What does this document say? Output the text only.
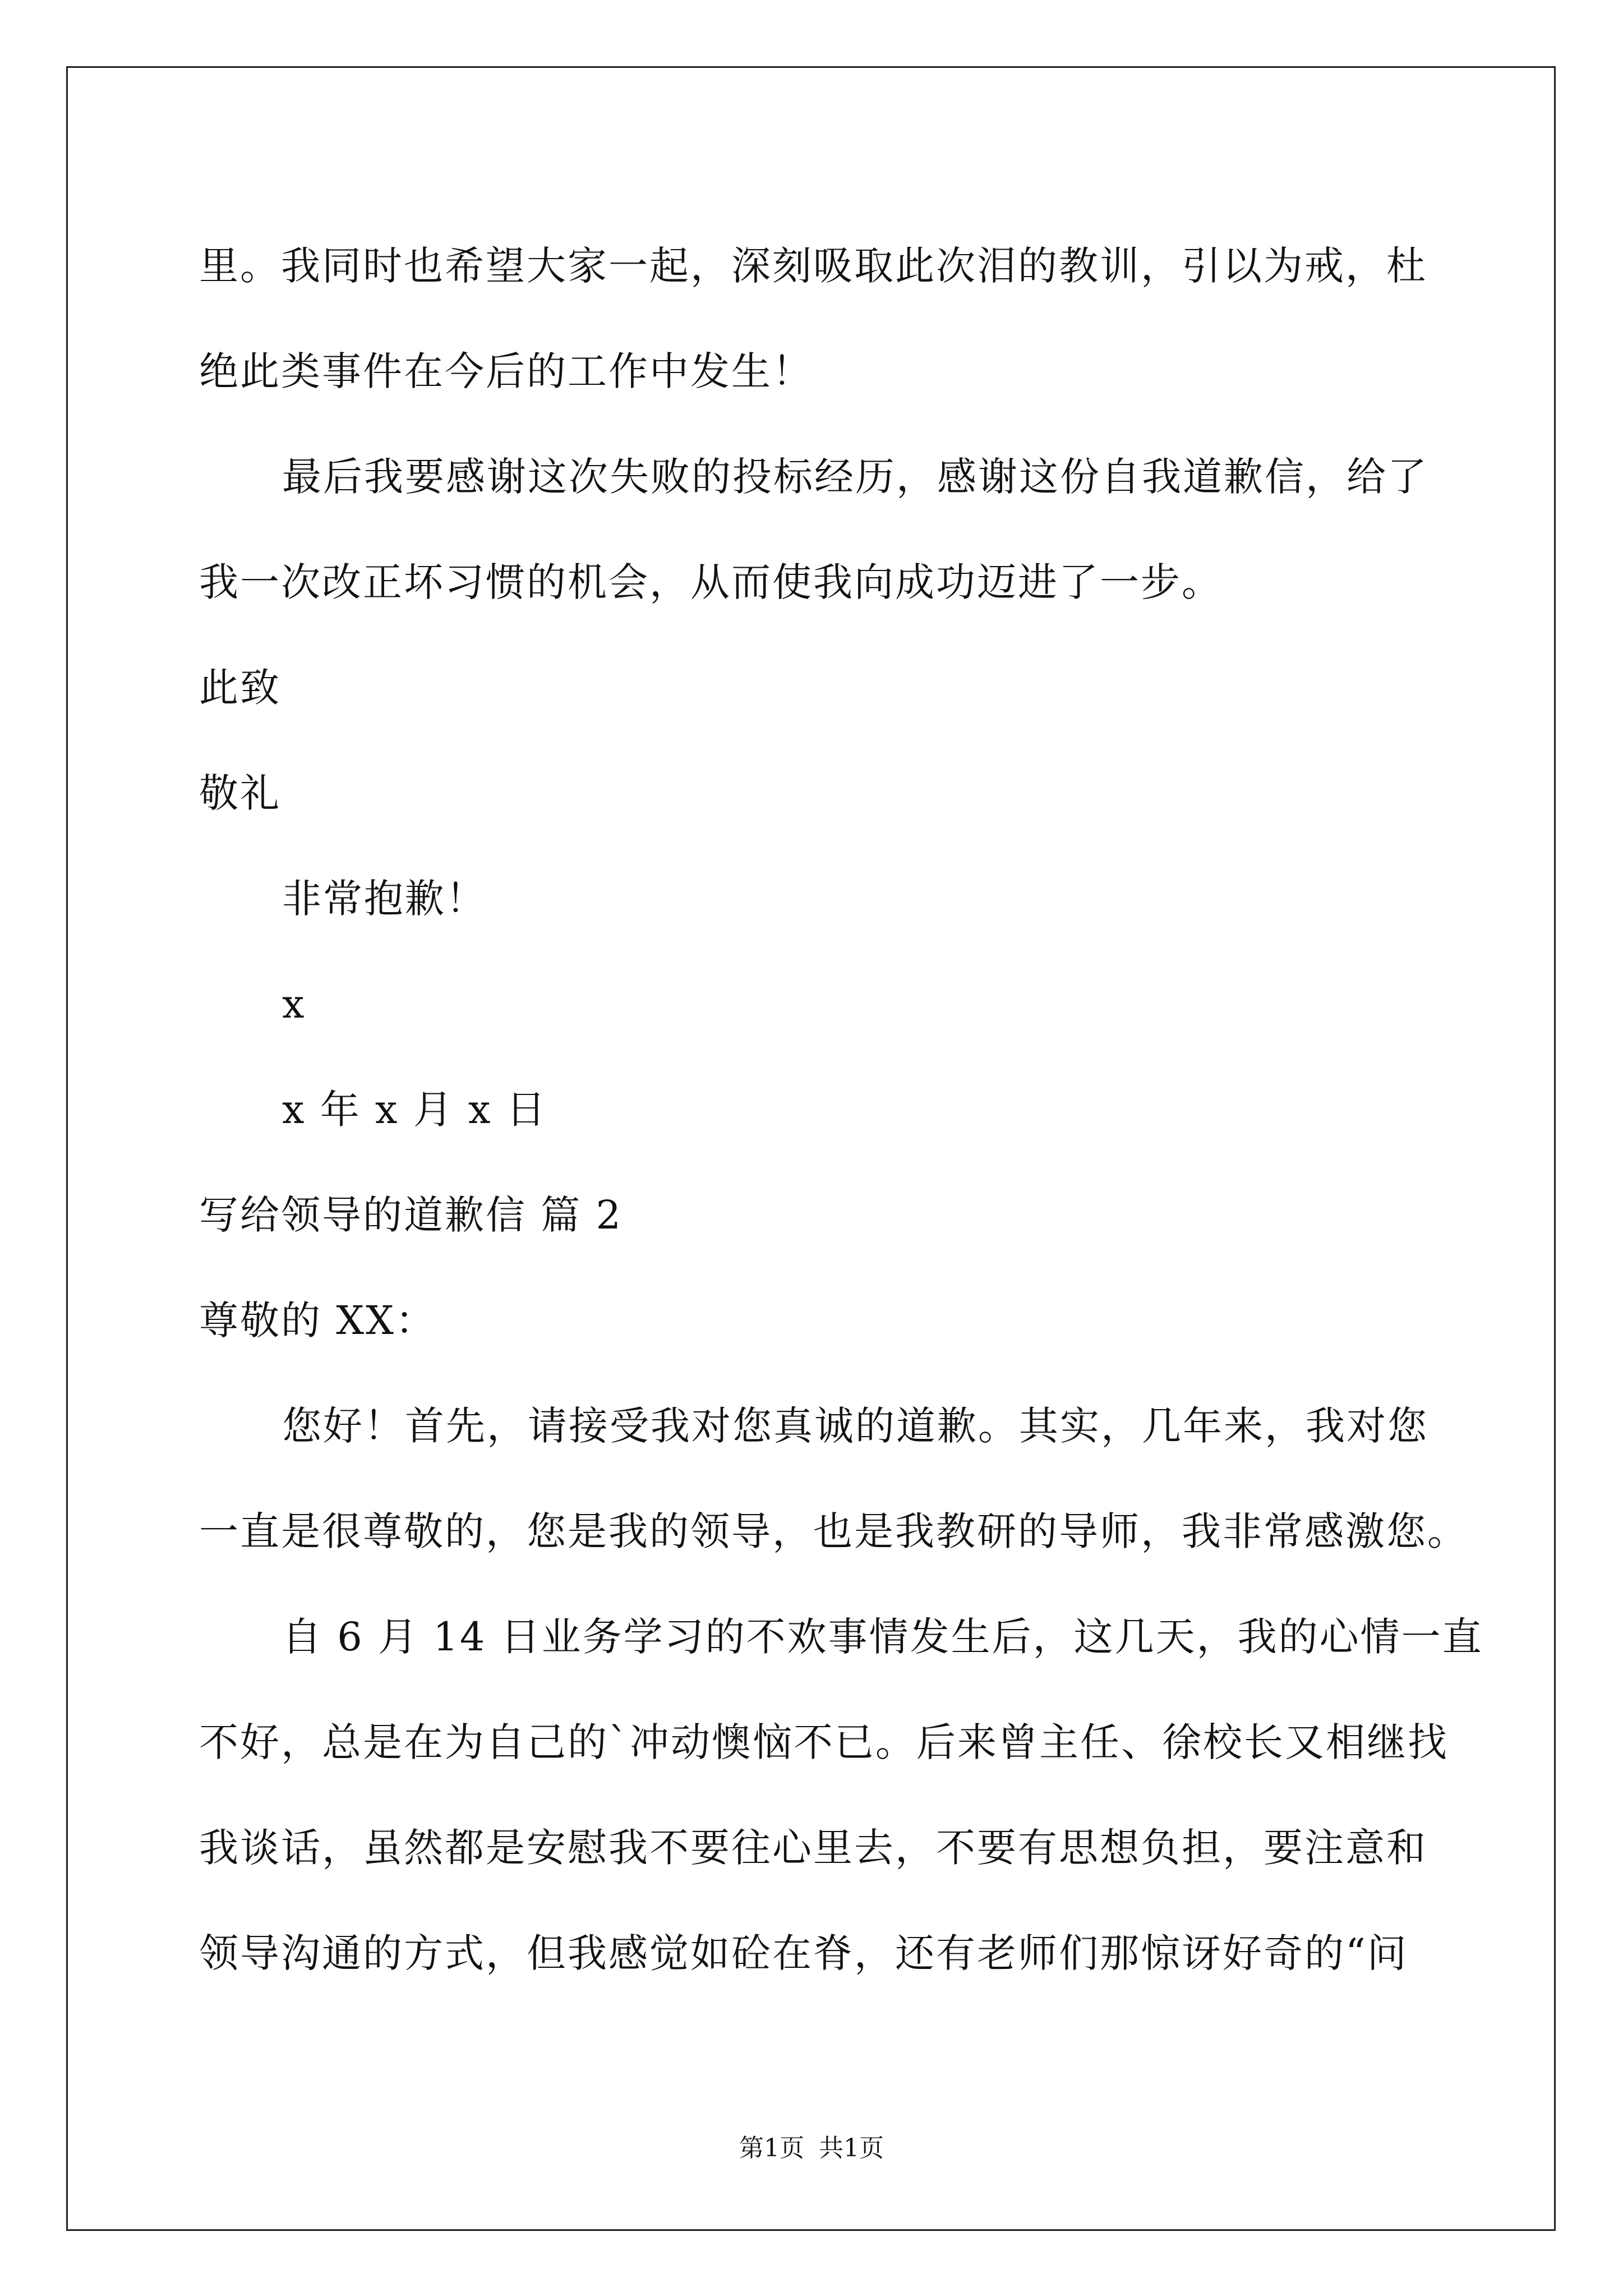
里。我同时也希望大家一起，深刻吸取此次泪的教训，引以为戒，杜
绝此类事件在今后的工作中发生！
最后我要感谢这次失败的投标经历，感谢这份自我道歉信，给了
我一次改正坏习惯的机会，从而使我向成功迈进了一步。
此致
敬礼
非常抱歉！
x
x 年 x 月 x 日
写给领导的道歉信 篇 2
尊敬的 XX：
您好！首先，请接受我对您真诚的道歉。其实，几年来，我对您
一直是很尊敬的，您是我的领导，也是我教研的导师，我非常感激您。
自 6 月 14 日业务学习的不欢事情发生后，这几天，我的心情一直
不好，总是在为自己的`冲动懊恼不已。后来曾主任、徐校长又相继找
我谈话，虽然都是安慰我不要往心里去，不要有思想负担，要注意和
领导沟通的方式，但我感觉如砼在脊，还有老师们那惊讶好奇的“问
第1页 共1页
